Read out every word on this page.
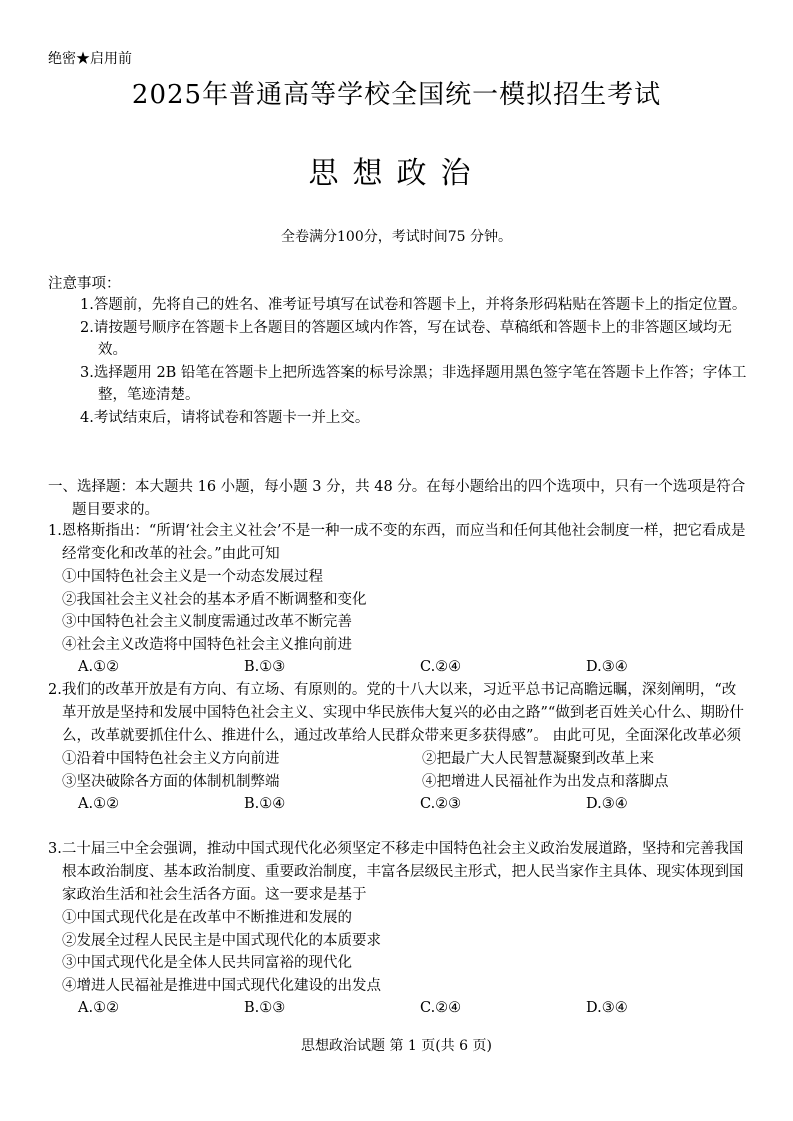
绝密★启用前
2025年普通高等学校全国统一模拟招生考试
思想政治
全卷满分100分，考试时间75 分钟。
注意事项：
1.答题前，先将自己的姓名、准考证号填写在试卷和答题卡上，并将条形码粘贴在答题卡上的指定位置。
2.请按题号顺序在答题卡上各题目的答题区域内作答，写在试卷、草稿纸和答题卡上的非答题区域均无效。
3.选择题用 2B 铅笔在答题卡上把所选答案的标号涂黑；非选择题用黑色签字笔在答题卡上作答；字体工整，笔迹清楚。
4.考试结束后，请将试卷和答题卡一并上交。
一、选择题：本大题共 16 小题，每小题 3 分，共 48 分。在每小题给出的四个选项中，只有一个选项是符合题目要求的。
1.恩格斯指出：“所谓‘社会主义社会’不是一种一成不变的东西，而应当和任何其他社会制度一样，把它看成是经常变化和改革的社会。”由此可知
①中国特色社会主义是一个动态发展过程
②我国社会主义社会的基本矛盾不断调整和变化
③中国特色社会主义制度需通过改革不断完善
④社会主义改造将中国特色社会主义推向前进
A.①②	B.①③	C.②④	D.③④
2.我们的改革开放是有方向、有立场、有原则的。党的十八大以来，习近平总书记高瞻远瞩，深刻阐明，“改革开放是坚持和发展中国特色社会主义、实现中华民族伟大复兴的必由之路”“做到老百姓关心什么、期盼什么，改革就要抓住什么、推进什么，通过改革给人民群众带来更多获得感”。 由此可见，全面深化改革必须
①沿着中国特色社会主义方向前进	②把最广大人民智慧凝聚到改革上来
③坚决破除各方面的体制机制弊端	④把增进人民福祉作为出发点和落脚点
A.①②	B.①④	C.②③	D.③④
3.二十届三中全会强调，推动中国式现代化必须坚定不移走中国特色社会主义政治发展道路，坚持和完善我国根本政治制度、基本政治制度、重要政治制度，丰富各层级民主形式，把人民当家作主具体、现实体现到国家政治生活和社会生活各方面。这一要求是基于
①中国式现代化是在改革中不断推进和发展的
②发展全过程人民民主是中国式现代化的本质要求
③中国式现代化是全体人民共同富裕的现代化
④增进人民福祉是推进中国式现代化建设的出发点
A.①②	B.①③	C.②④	D.③④
思想政治试题 第 1 页(共 6 页)
